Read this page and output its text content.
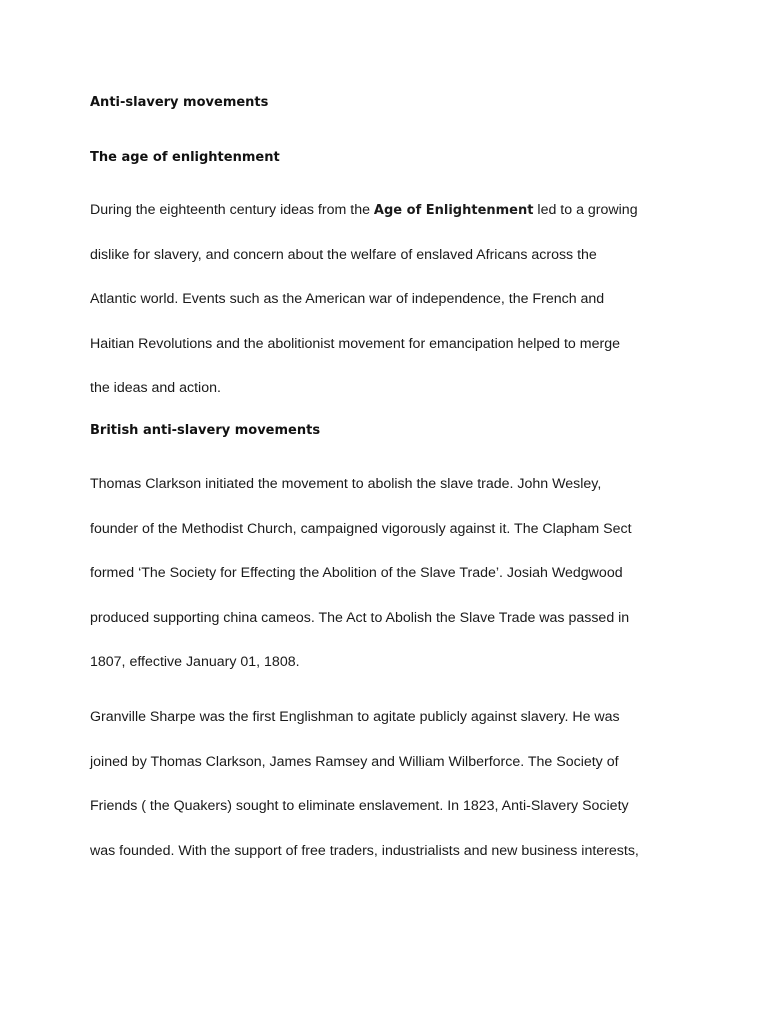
Anti-slavery movements
The age of enlightenment

During the eighteenth century ideas from the Age of Enlightenment led to a growing
dislike for slavery, and concern about the welfare of enslaved Africans across the
Atlantic world. Events such as the American war of independence, the French and
Haitian Revolutions and the abolitionist movement for emancipation helped to merge
the ideas and action.

British anti-slavery movements

Thomas Clarkson initiated the movement to abolish the slave trade. John Wesley,
founder of the Methodist Church, campaigned vigorously against it. The Clapham Sect
formed ‘The Society for Effecting the Abolition of the Slave Trade’. Josiah Wedgwood
produced supporting china cameos. The Act to Abolish the Slave Trade was passed in
1807, effective January 01, 1808.

Granville Sharpe was the first Englishman to agitate publicly against slavery. He was
joined by Thomas Clarkson, James Ramsey and William Wilberforce. The Society of
Friends ( the Quakers) sought to eliminate enslavement. In 1823, Anti-Slavery Society
was founded. With the support of free traders, industrialists and new business interests,
